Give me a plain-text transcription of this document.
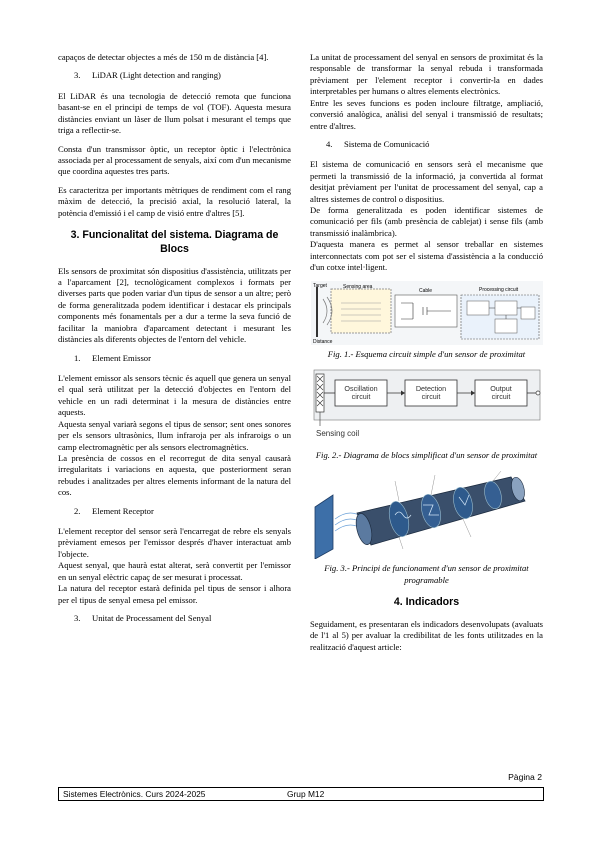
capaços de detectar objectes a més de 150 m de distància [4].

3. LiDAR (Light detection and ranging)

El LiDAR és una tecnologia de detecció remota que funciona basant-se en el principi de temps de vol (TOF). Aquesta mesura distàncies enviant un làser de llum polsat i mesurant el temps que triga a reflectir-se.

Consta d'un transmissor òptic, un receptor òptic i l'electrònica associada per al processament de senyals, així com d'un mecanisme que coordina aquestes tres parts.

Es caracteritza per importants mètriques de rendiment com el rang màxim de detecció, la precisió axial, la resolució lateral, la potència d'emissió i el camp de visió entre d'altres [5].

3. Funcionalitat del sistema. Diagrama de Blocs

Els sensors de proximitat són dispositius d'assistència, utilitzats per a l'aparcament [2], tecnològicament complexos i formats per diverses parts que poden variar d'un tipus de sensor a un altre; però de forma generalitzada podem identificar i destacar els principals components més fonamentals per a dur a terme la seva funció de facilitar la maniobra d'aparcament detectant i mesurant les distàncies als diferents objectes de l'entorn del vehicle.

1. Element Emissor

L'element emissor als sensors tècnic és aquell que genera un senyal el qual serà utilitzat per la detecció d'objectes en l'entorn del vehicle en un radi determinat i la mesura de distàncies entre aquests.

Aquesta senyal variarà segons el tipus de sensor; sent ones sonores per els sensors ultrasònics, llum infraroja per als infraroigs o un camp electromagnètic per als sensors electromagnètics.

La presència de cossos en el recorregut de dita senyal causarà irregularitats i variacions en aquesta, que posteriorment seran rebudes i analitzades per altres elements informant de la natura del cos.

2. Element Receptor

L'element receptor del sensor serà l'encarregat de rebre els senyals prèviament emesos per l'emissor després d'haver interactuat amb l'objecte.

Aquest senyal, que haurà estat alterat, serà convertit per l'emissor en un senyal elèctric capaç de ser mesurat i processat.

La natura del receptor estarà definida pel tipus de sensor i alhora per el tipus de senyal emesa pel emissor.

3. Unitat de Processament del Senyal

La unitat de processament del senyal en sensors de proximitat és la responsable de transformar la senyal rebuda i transformada prèviament per l'element receptor i convertir-la en dades interpretables per humans o altres elements electrònics.

Entre les seves funcions es poden incloure filtratge, ampliació, conversió analògica, anàlisi del senyal i transmissió de resultats; entre d'altres.

4. Sistema de Comunicació

El sistema de comunicació en sensors serà el mecanisme que permeti la transmissió de la informació, ja convertida al format desitjat prèviament per l'unitat de processament del senyal, cap a altres sistemes de control o dispositius.

De forma generalitzada es poden identificar sistemes de comunicació per fils (amb presència de cablejat) i sense fils (amb transmissió inalàmbrica).

D'aquesta manera es permet al sensor treballar en sistemes interconnectats com pot ser el sistema d'assistència a la conducció d'un cotxe intel·ligent.

Target
Distance
Sensing area
Cable	Processing circuit
Fig. 1.- Esquema circuit simple d'un sensor de proximitat
Oscillation circuit
Detection circuit
Output circuit
Sensing coil
Fig. 2.- Diagrama de blocs simplificat d'un sensor de proximitat
Fig. 3.- Principi de funcionament d'un sensor de proximitat programable
4. Indicadors

Seguidament, es presentaran els indicadors desenvolupats (avaluats de l'1 al 5) per avaluar la credibilitat de les fonts utilitzades en la realització d'aquest article:

Pàgina 2
Sistemes Electrònics. Curs 2024-2025	Grup M12
